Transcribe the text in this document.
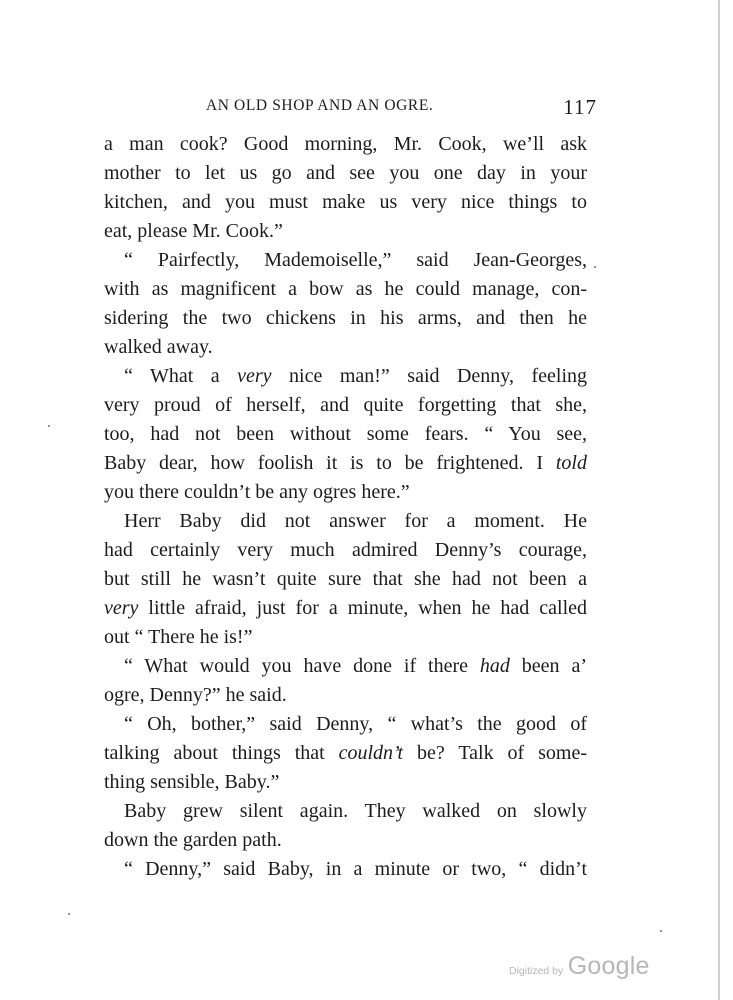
AN OLD SHOP AND AN OGRE.	117
a man cook? Good morning, Mr. Cook, we’ll ask
mother to let us go and see you one day in your
kitchen, and you must make us very nice things to
eat, please Mr. Cook.”
“ Pairfectly, Mademoiselle,” said Jean-Georges,
with as magnificent a bow as he could manage, con-
sidering the two chickens in his arms, and then he
walked away.
“ What a very nice man!” said Denny, feeling
very proud of herself, and quite forgetting that she,
too, had not been without some fears. “ You see,
Baby dear, how foolish it is to be frightened. I told
you there couldn’t be any ogres here.”
Herr Baby did not answer for a moment. He
had certainly very much admired Denny’s courage,
but still he wasn’t quite sure that she had not been a
very little afraid, just for a minute, when he had called
out “ There he is!”
“ What would you have done if there had been a’
ogre, Denny?” he said.
“ Oh, bother,” said Denny, “ what’s the good of
talking about things that couldn’t be? Talk of some-
thing sensible, Baby.”
Baby grew silent again. They walked on slowly
down the garden path.
“ Denny,” said Baby, in a minute or two, “ didn’t
Digitized by Google
